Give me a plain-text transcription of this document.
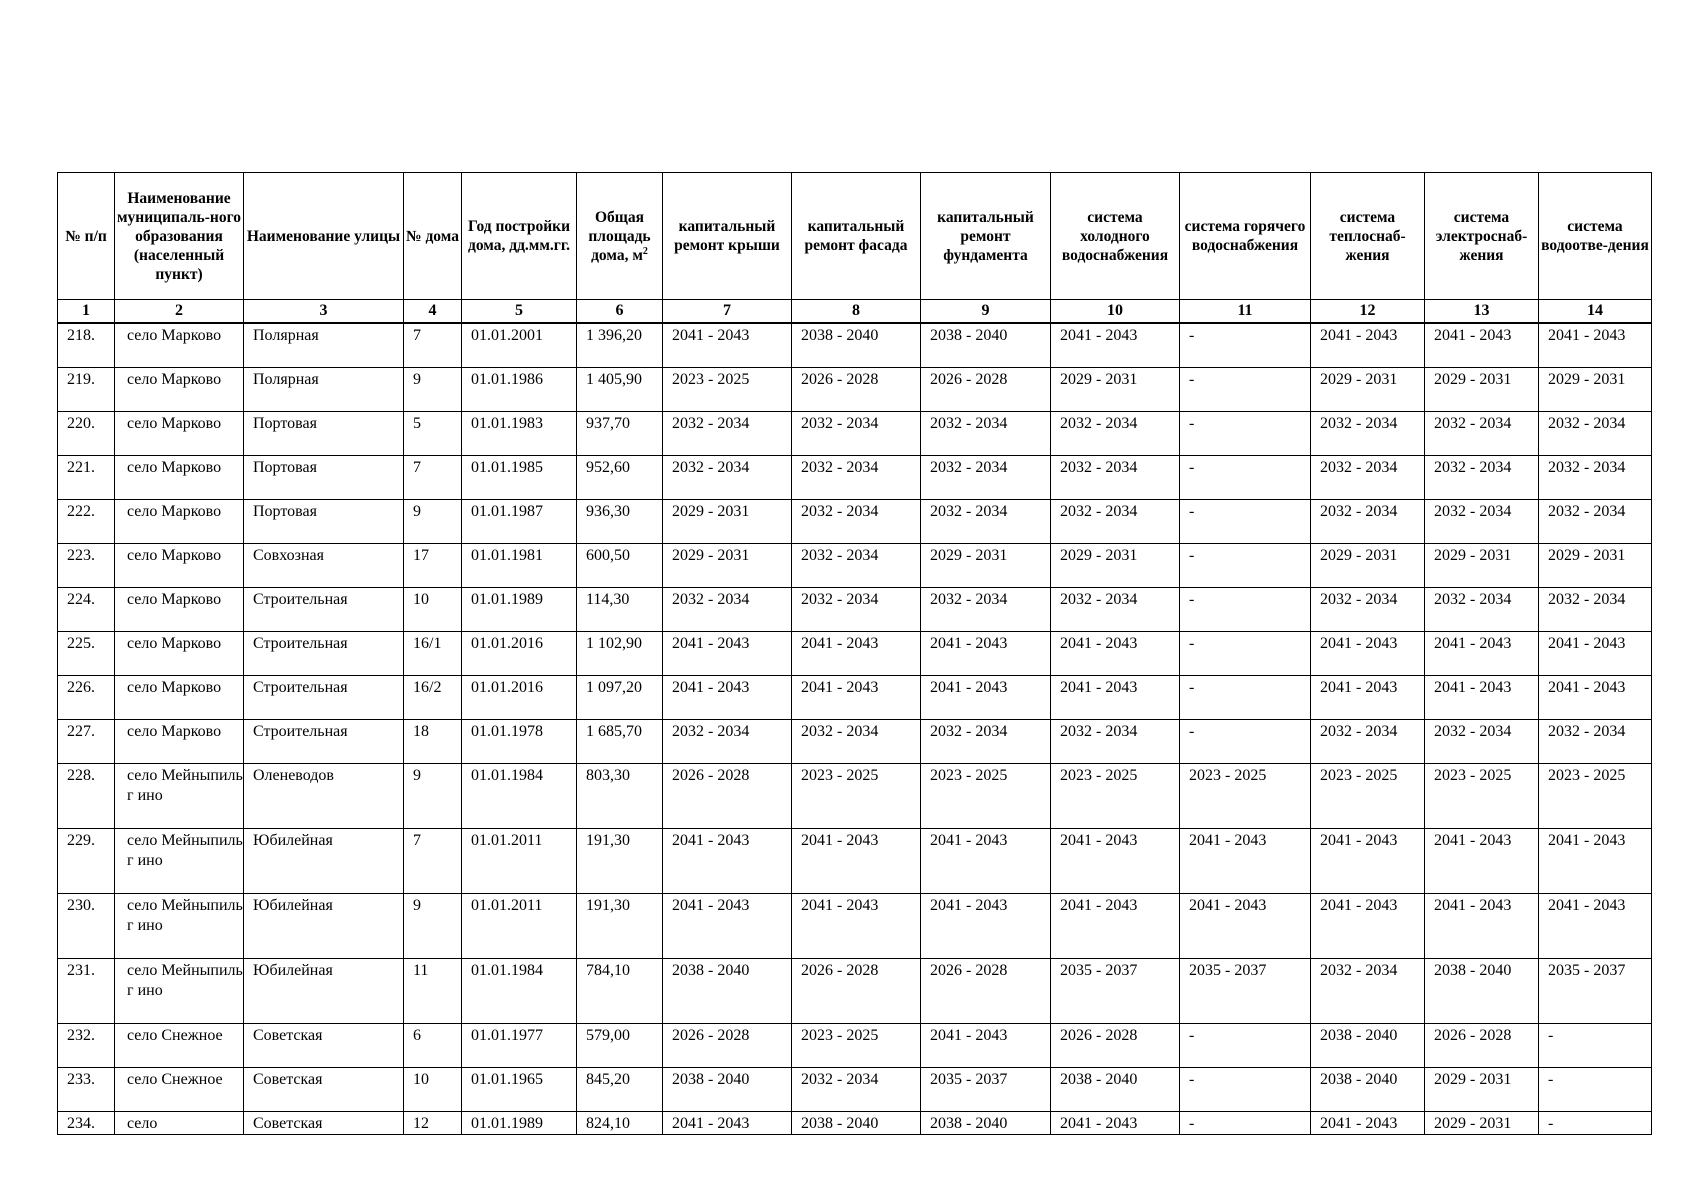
№ п/п	Наименование муниципаль-ного образования (населенный пункт)	Наименование улицы	№ дома	Год постройки дома, дд.мм.гг.	Общая площадь дома, $м^2$	капитальный ремонт крыши	капитальный ремонт фасада	капитальный ремонт фундамента	система холодного водоснабжения	система горячего водоснабжения	система теплоснаб-жения	система электроснаб-жения	система водоотве-дения
1	2	3	4	5	6	7	8	9	10	11	12	13	14
218.	село Марково	Полярная	7	01.01.2001	1 396,20	2041 - 2043	2038 - 2040	2038 - 2040	2041 - 2043	-	2041 - 2043	2041 - 2043	2041 - 2043
219.	село Марково	Полярная	9	01.01.1986	1 405,90	2023 - 2025	2026 - 2028	2026 - 2028	2029 - 2031	-	2029 - 2031	2029 - 2031	2029 - 2031
220.	село Марково	Портовая	5	01.01.1983	937,70	2032 - 2034	2032 - 2034	2032 - 2034	2032 - 2034	-	2032 - 2034	2032 - 2034	2032 - 2034
221.	село Марково	Портовая	7	01.01.1985	952,60	2032 - 2034	2032 - 2034	2032 - 2034	2032 - 2034	-	2032 - 2034	2032 - 2034	2032 - 2034
222.	село Марково	Портовая	9	01.01.1987	936,30	2029 - 2031	2032 - 2034	2032 - 2034	2032 - 2034	-	2032 - 2034	2032 - 2034	2032 - 2034
223.	село Марково	Совхозная	17	01.01.1981	600,50	2029 - 2031	2032 - 2034	2029 - 2031	2029 - 2031	-	2029 - 2031	2029 - 2031	2029 - 2031
224.	село Марково	Строительная	10	01.01.1989	114,30	2032 - 2034	2032 - 2034	2032 - 2034	2032 - 2034	-	2032 - 2034	2032 - 2034	2032 - 2034
225.	село Марково	Строительная	16/1	01.01.2016	1 102,90	2041 - 2043	2041 - 2043	2041 - 2043	2041 - 2043	-	2041 - 2043	2041 - 2043	2041 - 2043
226.	село Марково	Строительная	16/2	01.01.2016	1 097,20	2041 - 2043	2041 - 2043	2041 - 2043	2041 - 2043	-	2041 - 2043	2041 - 2043	2041 - 2043
227.	село Марково	Строительная	18	01.01.1978	1 685,70	2032 - 2034	2032 - 2034	2032 - 2034	2032 - 2034	-	2032 - 2034	2032 - 2034	2032 - 2034
228.	село Мейныпильг ино	Оленеводов	9	01.01.1984	803,30	2026 - 2028	2023 - 2025	2023 - 2025	2023 - 2025	2023 - 2025	2023 - 2025	2023 - 2025	2023 - 2025
229.	село Мейныпильг ино	Юбилейная	7	01.01.2011	191,30	2041 - 2043	2041 - 2043	2041 - 2043	2041 - 2043	2041 - 2043	2041 - 2043	2041 - 2043	2041 - 2043
230.	село Мейныпильг ино	Юбилейная	9	01.01.2011	191,30	2041 - 2043	2041 - 2043	2041 - 2043	2041 - 2043	2041 - 2043	2041 - 2043	2041 - 2043	2041 - 2043
231.	село Мейныпильг ино	Юбилейная	11	01.01.1984	784,10	2038 - 2040	2026 - 2028	2026 - 2028	2035 - 2037	2035 - 2037	2032 - 2034	2038 - 2040	2035 - 2037
232.	село Снежное	Советская	6	01.01.1977	579,00	2026 - 2028	2023 - 2025	2041 - 2043	2026 - 2028	-	2038 - 2040	2026 - 2028	-
233.	село Снежное	Советская	10	01.01.1965	845,20	2038 - 2040	2032 - 2034	2035 - 2037	2038 - 2040	-	2038 - 2040	2029 - 2031	-
234.	село	Советская	12	01.01.1989	824,10	2041 - 2043	2038 - 2040	2038 - 2040	2041 - 2043	-	2041 - 2043	2029 - 2031	-
